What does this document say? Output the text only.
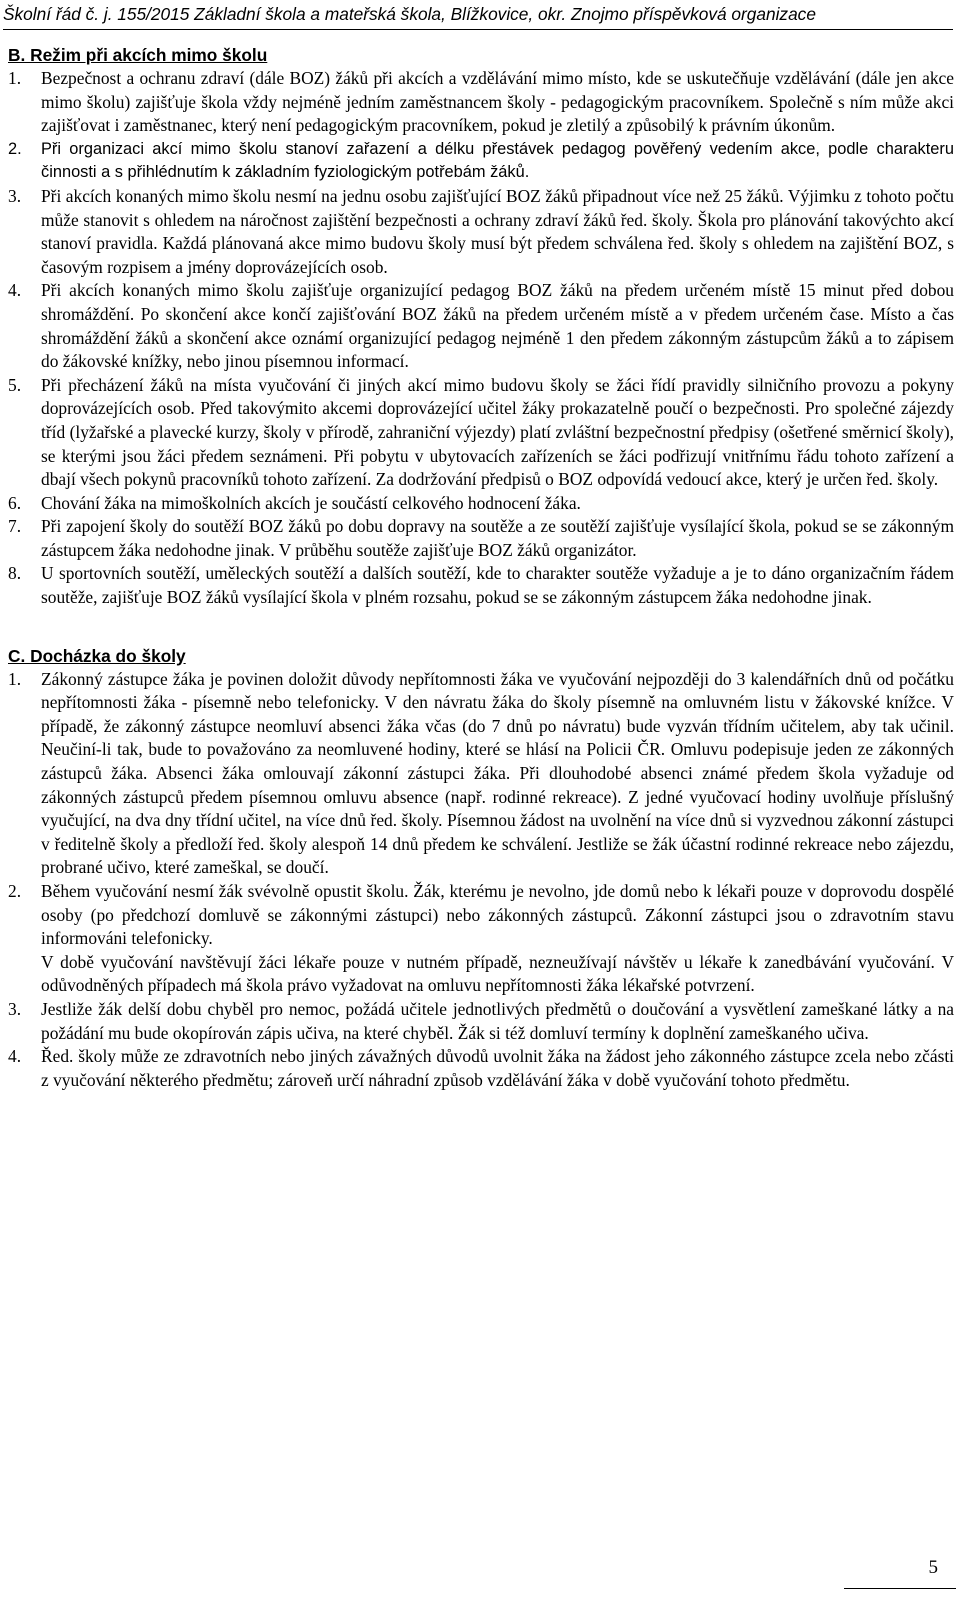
Školní řád č. j. 155/2015 Základní škola a mateřská škola, Blížkovice, okr. Znojmo příspěvková organizace
B. Režim při akcích mimo školu
1. Bezpečnost a ochranu zdraví (dále BOZ) žáků při akcích a vzdělávání mimo místo, kde se uskutečňuje vzdělávání (dále jen akce mimo školu) zajišťuje škola vždy nejméně jedním zaměstnancem školy - pedagogickým pracovníkem. Společně s ním může akci zajišťovat i zaměstnanec, který není pedagogickým pracovníkem, pokud je zletilý a způsobilý k právním úkonům.
2. Při organizaci akcí mimo školu stanoví zařazení a délku přestávek pedagog pověřený vedením akce, podle charakteru činnosti a s přihlédnutím k základním fyziologickým potřebám žáků.
3. Při akcích konaných mimo školu nesmí na jednu osobu zajišťující BOZ žáků připadnout více než 25 žáků. Výjimku z tohoto počtu může stanovit s ohledem na náročnost zajištění bezpečnosti a ochrany zdraví žáků řed. školy. Škola pro plánování takovýchto akcí stanoví pravidla. Každá plánovaná akce mimo budovu školy musí být předem schválena řed. školy s ohledem na zajištění BOZ, s časovým rozpisem a jmény doprovázejících osob.
4. Při akcích konaných mimo školu zajišťuje organizující pedagog BOZ žáků na předem určeném místě 15 minut před dobou shromáždění. Po skončení akce končí zajišťování BOZ žáků na předem určeném místě a v předem určeném čase. Místo a čas shromáždění žáků a skončení akce oznámí organizující pedagog nejméně 1 den předem zákonným zástupcům žáků a to zápisem do žákovské knížky, nebo jinou písemnou informací.
5. Při přecházení žáků na místa vyučování či jiných akcí mimo budovu školy se žáci řídí pravidly silničního provozu a pokyny doprovázejících osob. Před takovýmito akcemi doprovázející učitel žáky prokazatelně poučí o bezpečnosti. Pro společné zájezdy tříd (lyžařské a plavecké kurzy, školy v přírodě, zahraniční výjezdy) platí zvláštní bezpečnostní předpisy (ošetřené směrnicí školy), se kterými jsou žáci předem seznámeni. Při pobytu v ubytovacích zařízeních se žáci podřizují vnitřnímu řádu tohoto zařízení a dbají všech pokynů pracovníků tohoto zařízení. Za dodržování předpisů o BOZ odpovídá vedoucí akce, který je určen řed. školy.
6. Chování žáka na mimoškolních akcích je součástí celkového hodnocení žáka.
7. Při zapojení školy do soutěží BOZ žáků po dobu dopravy na soutěže a ze soutěží zajišťuje vysílající škola, pokud se se zákonným zástupcem žáka nedohodne jinak. V průběhu soutěže zajišťuje BOZ žáků organizátor.
8. U sportovních soutěží, uměleckých soutěží a dalších soutěží, kde to charakter soutěže vyžaduje a je to dáno organizačním řádem soutěže, zajišťuje BOZ žáků vysílající škola v plném rozsahu, pokud se se zákonným zástupcem žáka nedohodne jinak.
C. Docházka do školy
1. Zákonný zástupce žáka je povinen doložit důvody nepřítomnosti žáka ve vyučování nejpozději do 3 kalendářních dnů od počátku nepřítomnosti žáka - písemně nebo telefonicky. V den návratu žáka do školy písemně na omluvném listu v žákovské knížce. V případě, že zákonný zástupce neomluví absenci žáka včas (do 7 dnů po návratu) bude vyzván třídním učitelem, aby tak učinil. Neučiní-li tak, bude to považováno za neomluvené hodiny, které se hlásí na Policii ČR. Omluvu podepisuje jeden ze zákonných zástupců žáka. Absenci žáka omlouvají zákonní zástupci žáka. Při dlouhodobé absenci známé předem škola vyžaduje od zákonných zástupců předem písemnou omluvu absence (např. rodinné rekreace). Z jedné vyučovací hodiny uvolňuje příslušný vyučující, na dva dny třídní učitel, na více dnů řed. školy. Písemnou žádost na uvolnění na více dnů si vyzvednou zákonní zástupci v ředitelně školy a předloží řed. školy alespoň 14 dnů předem ke schválení. Jestliže se žák účastní rodinné rekreace nebo zájezdu, probrané učivo, které zameškal, se doučí.
2. Během vyučování nesmí žák svévolně opustit školu. Žák, kterému je nevolno, jde domů nebo k lékaři pouze v doprovodu dospělé osoby (po předchozí domluvě se zákonnými zástupci) nebo zákonných zástupců. Zákonní zástupci jsou o zdravotním stavu informováni telefonicky.
V době vyučování navštěvují žáci lékaře pouze v nutném případě, nezneužívají návštěv u lékaře k zanedbávání vyučování. V odůvodněných případech má škola právo vyžadovat na omluvu nepřítomnosti žáka lékařské potvrzení.
3. Jestliže žák delší dobu chyběl pro nemoc, požádá učitele jednotlivých předmětů o doučování a vysvětlení zameškané látky a na požádání mu bude okopírován zápis učiva, na které chyběl. Žák si též domluví termíny k doplnění zameškaného učiva.
4. Řed. školy může ze zdravotních nebo jiných závažných důvodů uvolnit žáka na žádost jeho zákonného zástupce zcela nebo zčásti z vyučování některého předmětu; zároveň určí náhradní způsob vzdělávání žáka v době vyučování tohoto předmětu.
5
